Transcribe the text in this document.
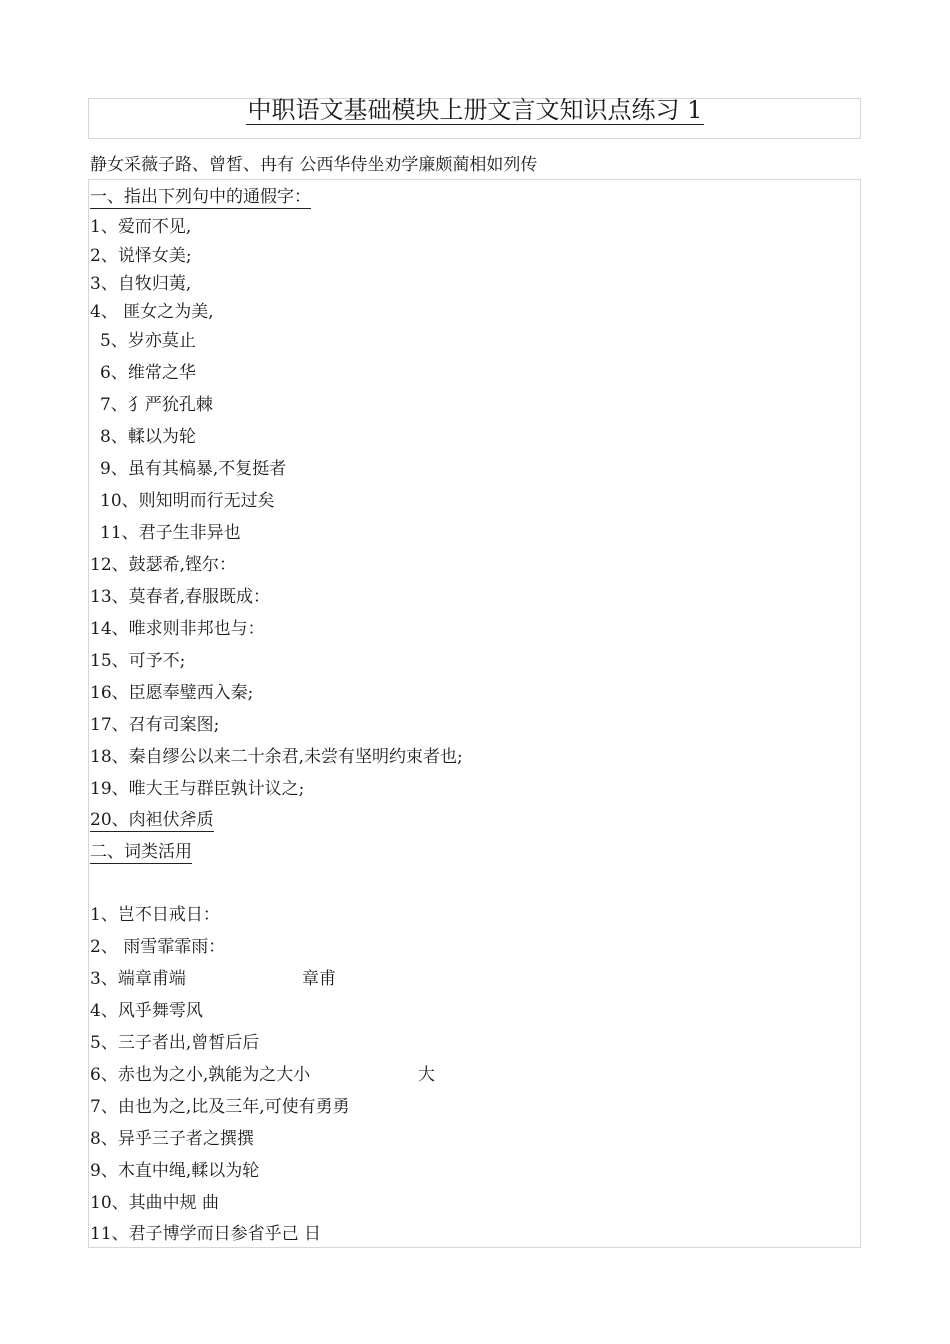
中职语文基础模块上册文言文知识点练习 1
静女采薇子路、曾皙、冉有 公西华侍坐劝学廉颇蔺相如列传
一、指出下列句中的通假字：
1、爱而不见,
2、说怿女美;
3、自牧归荑,
4、 匪女之为美,
5、岁亦莫止
6、维常之华
7、犭严狁孔棘
8、輮以为轮
9、虽有其槁暴,不复挺者
10、则知明而行无过矣
11、君子生非异也
12、鼓瑟希,铿尔：
13、莫春者,春服既成：
14、唯求则非邦也与：
15、可予不;
16、臣愿奉璧西入秦;
17、召有司案图;
18、秦自缪公以来二十余君,未尝有坚明约束者也;
19、唯大王与群臣孰计议之;
20、肉袒伏斧质
二、词类活用
1、岂不日戒日：
2、 雨雪霏霏雨：
3、端章甫端	章甫
4、风乎舞雩风
5、三子者出,曾皙后后
6、赤也为之小,孰能为之大小	大
7、由也为之,比及三年,可使有勇勇
8、异乎三子者之撰撰
9、木直中绳,輮以为轮
10、其曲中规 曲
11、君子博学而日参省乎己 日
